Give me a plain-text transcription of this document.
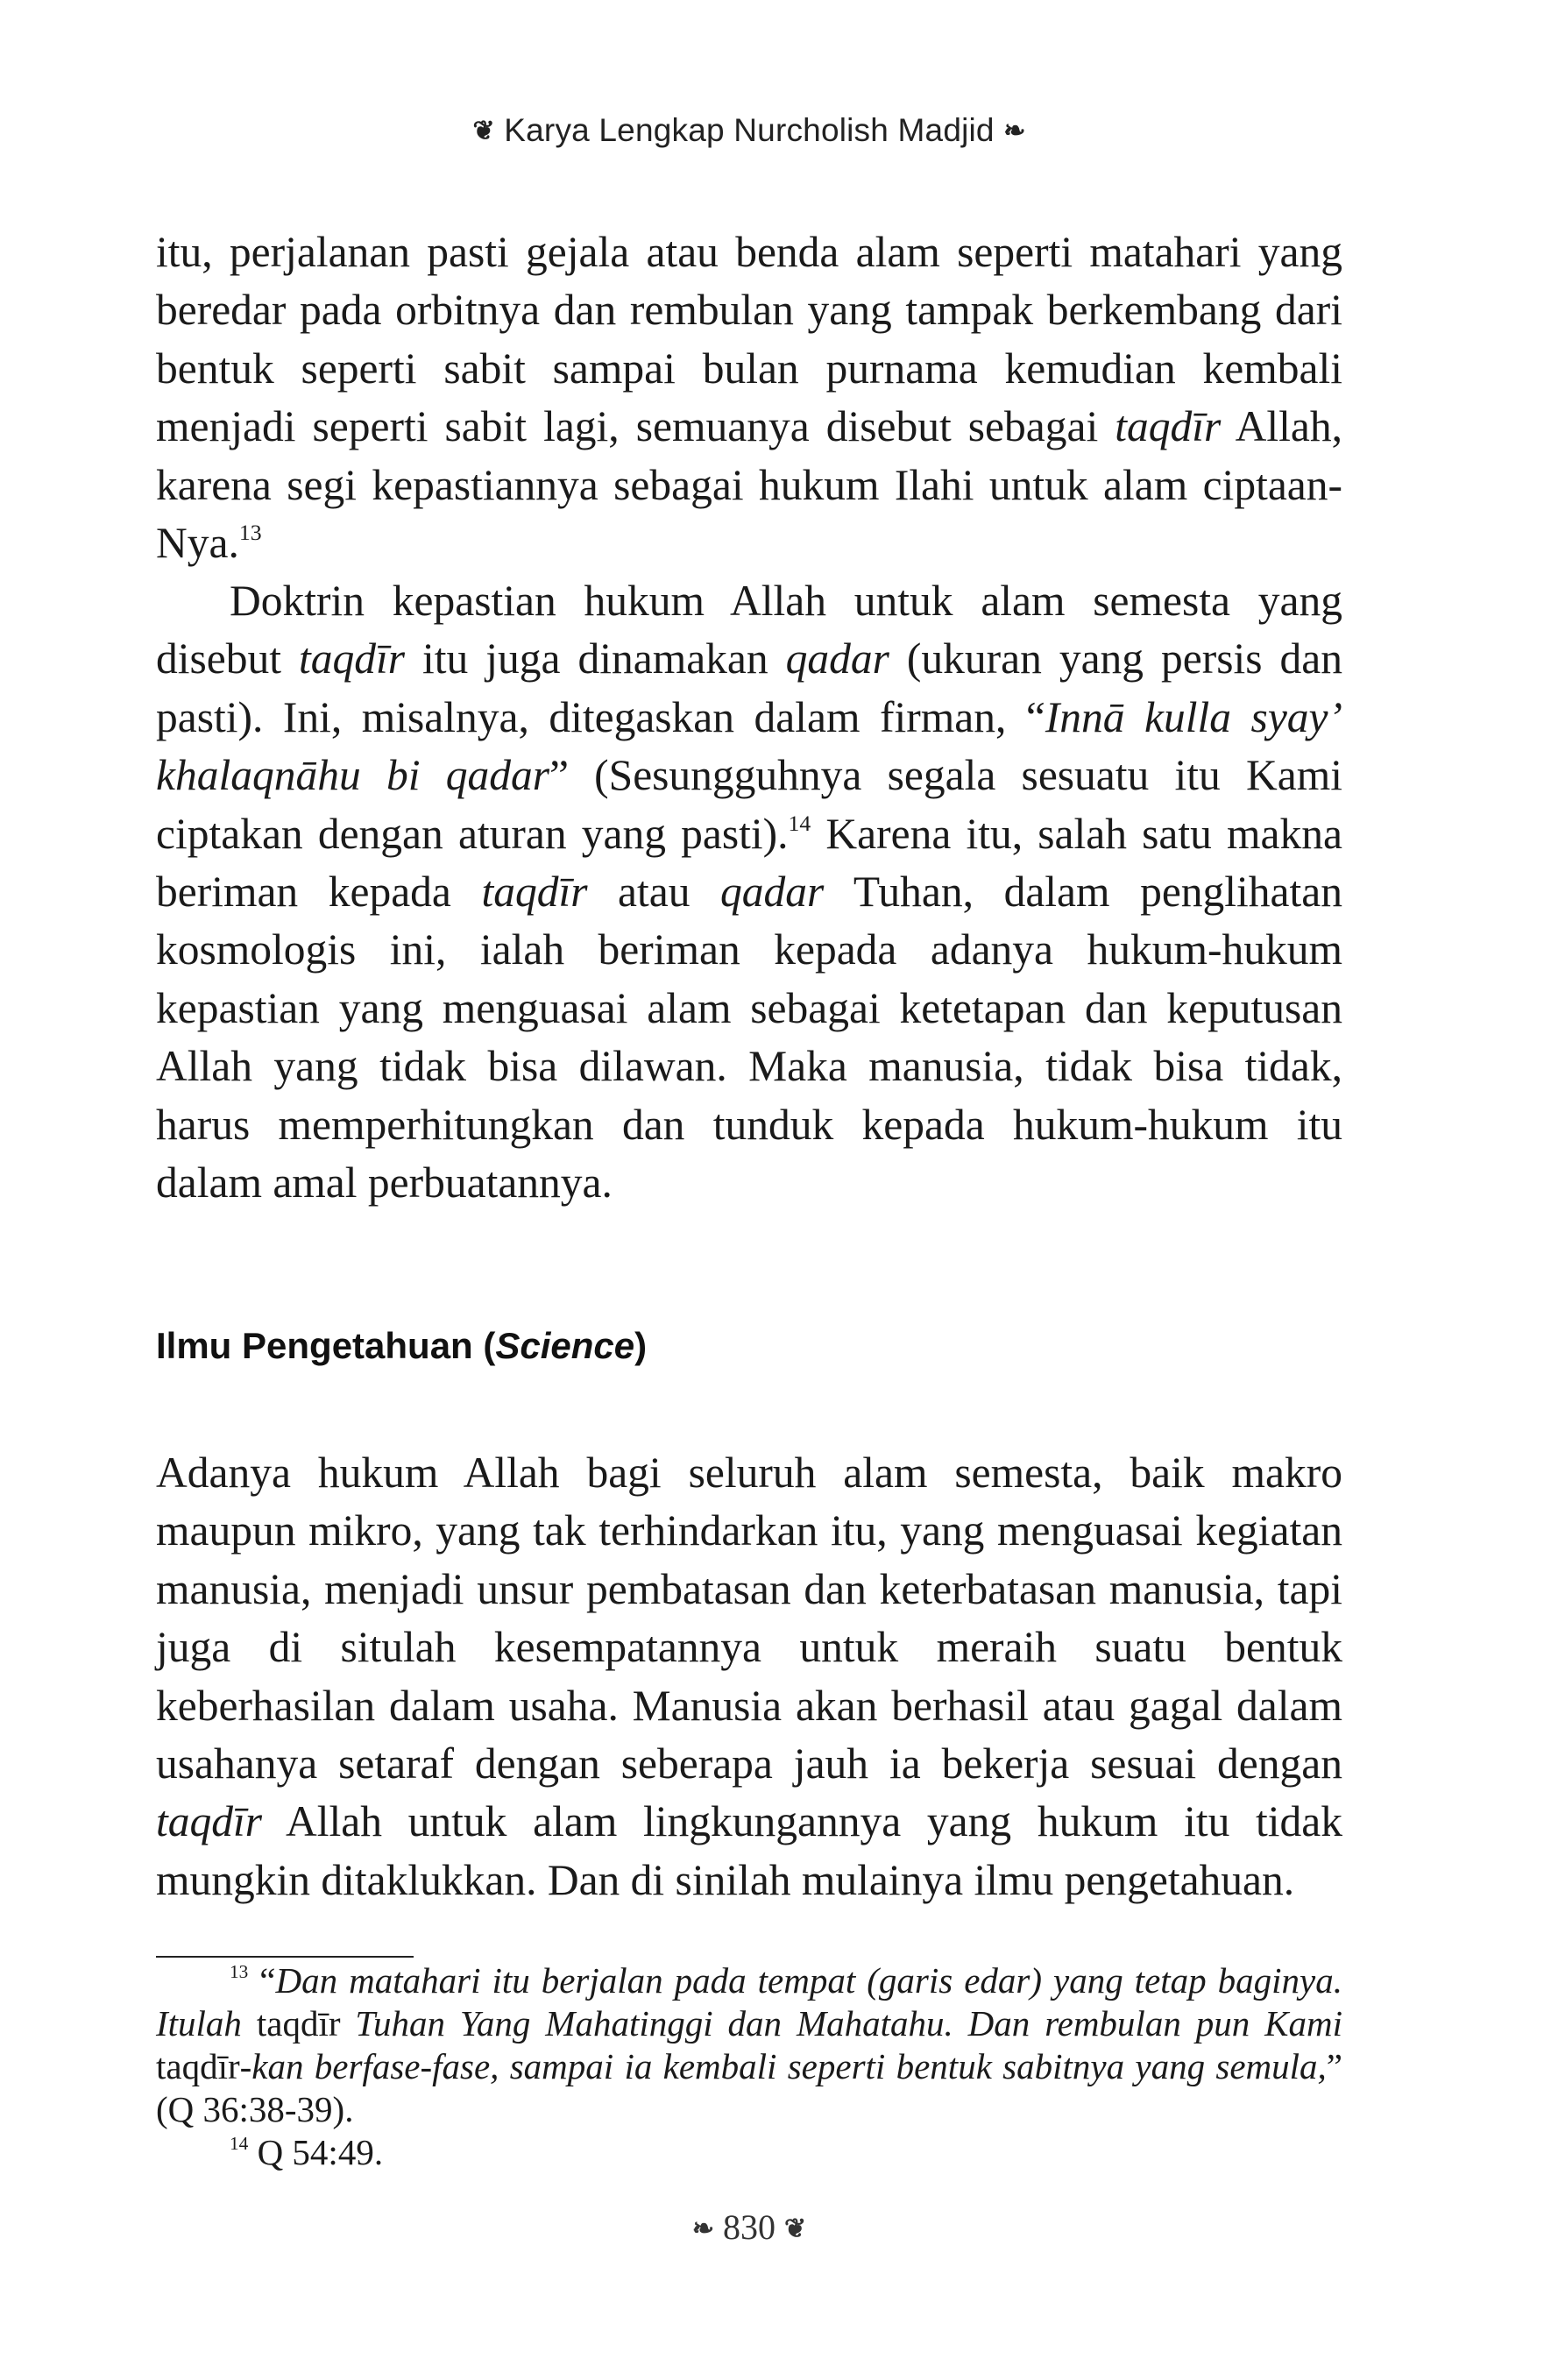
❦ Karya Lengkap Nurcholish Madjid ❧

itu, perjalanan pasti gejala atau benda alam seperti matahari yang beredar pada orbitnya dan rembulan yang tampak berkembang dari bentuk seperti sabit sampai bulan purnama kemudian kembali menjadi seperti sabit lagi, semuanya disebut sebagai taqdīr Allah, karena segi kepastiannya sebagai hukum Ilahi untuk alam ciptaan-Nya.$^{13}$

Doktrin kepastian hukum Allah untuk alam semesta yang disebut taqdīr itu juga dinamakan qadar (ukuran yang persis dan pasti). Ini, misalnya, ditegaskan dalam firman, “Innā kulla syay’ khalaqnāhu bi qadar” (Sesungguhnya segala sesuatu itu Kami ciptakan dengan aturan yang pasti).$^{14}$ Karena itu, salah satu makna beriman kepada taqdīr atau qadar Tuhan, dalam penglihatan kosmologis ini, ialah beriman kepada adanya hukum-hukum kepastian yang menguasai alam sebagai ketetapan dan keputusan Allah yang tidak bisa dilawan. Maka manusia, tidak bisa tidak, harus memperhitungkan dan tunduk kepada hukum-hukum itu dalam amal perbuatannya.

Ilmu Pengetahuan (Science)

Adanya hukum Allah bagi seluruh alam semesta, baik makro maupun mikro, yang tak terhindarkan itu, yang menguasai kegiatan manusia, menjadi unsur pembatasan dan keterbatasan manusia, tapi juga di situlah kesempatannya untuk meraih suatu bentuk keberhasilan dalam usaha. Manusia akan berhasil atau gagal dalam usahanya setaraf dengan seberapa jauh ia bekerja sesuai dengan taqdīr Allah untuk alam lingkungannya yang hukum itu tidak mungkin ditaklukkan. Dan di sinilah mulainya ilmu pengetahuan.

$^{13}$ “Dan matahari itu berjalan pada tempat (garis edar) yang tetap baginya. Itulah taqdīr Tuhan Yang Mahatinggi dan Mahatahu. Dan rembulan pun Kami taqdīr-kan berfase-fase, sampai ia kembali seperti bentuk sabitnya yang semula,” (Q 36:38-39).

$^{14}$ Q 54:49.

❧ 830 ❦
